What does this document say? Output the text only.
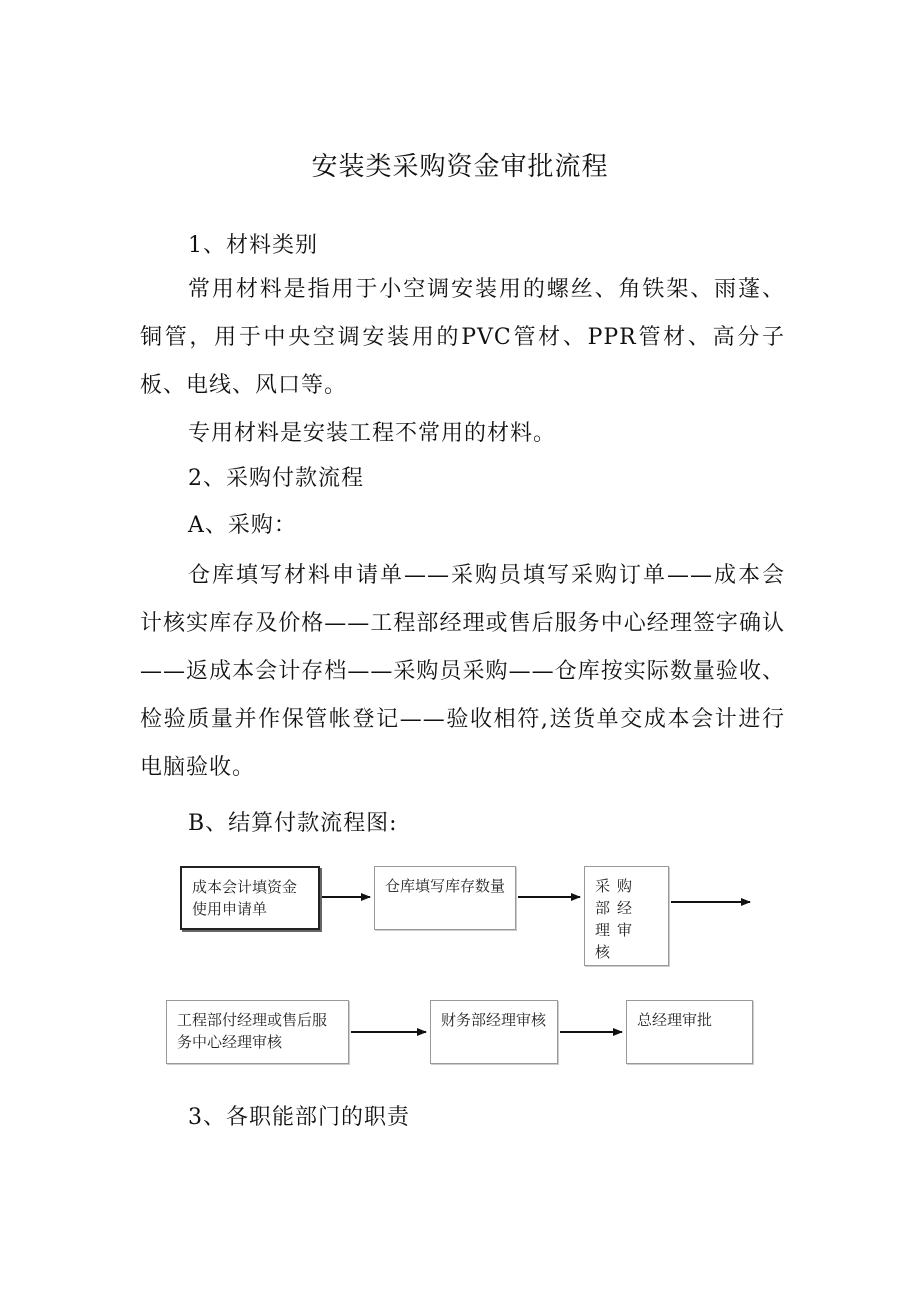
安装类采购资金审批流程

1、材料类别

常用材料是指用于小空调安装用的螺丝、角铁架、雨蓬、铜管，用于中央空调安装用的PVC管材、PPR管材、高分子板、电线、风口等。

专用材料是安装工程不常用的材料。

2、采购付款流程

A、采购：

仓库填写材料申请单——采购员填写采购订单——成本会计核实库存及价格——工程部经理或售后服务中心经理签字确认——返成本会计存档——采购员采购——仓库按实际数量验收、检验质量并作保管帐登记——验收相符,送货单交成本会计进行电脑验收。

B、结算付款流程图:

成本会计填资金使用申请单
仓库填写库存数量	采购部经理审核
工程部付经理或售后服务中心经理审核
财务部经理审核	总经理审批

3、各职能部门的职责
